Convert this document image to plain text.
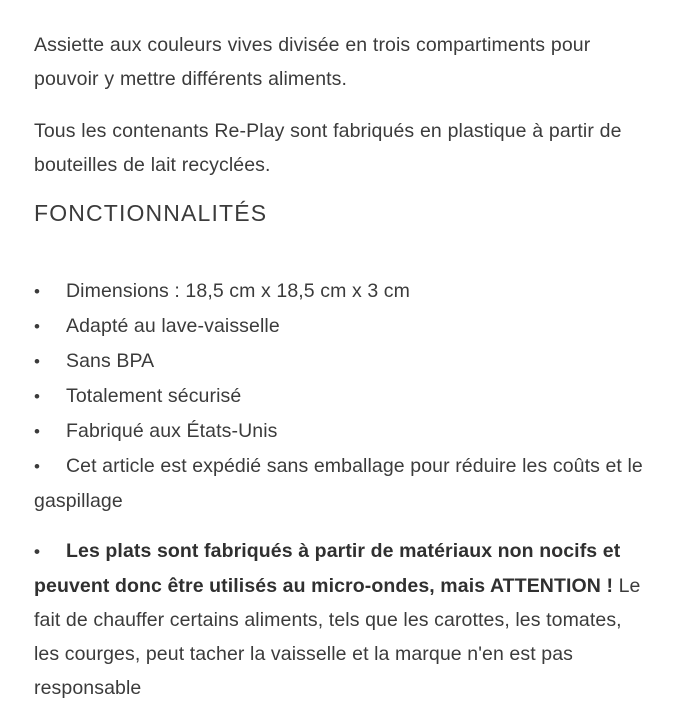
Assiette aux couleurs vives divisée en trois compartiments pour pouvoir y mettre différents aliments.

Tous les contenants Re-Play sont fabriqués en plastique à partir de bouteilles de lait recyclées.

FONCTIONNALITÉS
•Dimensions : 18,5 cm x 18,5 cm x 3 cm
•Adapté au lave-vaisselle
•Sans BPA
•Totalement sécurisé
•Fabriqué aux États-Unis
•Cet article est expédié sans emballage pour réduire les coûts et le gaspillage
•Les plats sont fabriqués à partir de matériaux non nocifs et peuvent donc être utilisés au micro-ondes, mais ATTENTION ! Le fait de chauffer certains aliments, tels que les carottes, les tomates, les courges, peut tacher la vaisselle et la marque n'en est pas responsable
